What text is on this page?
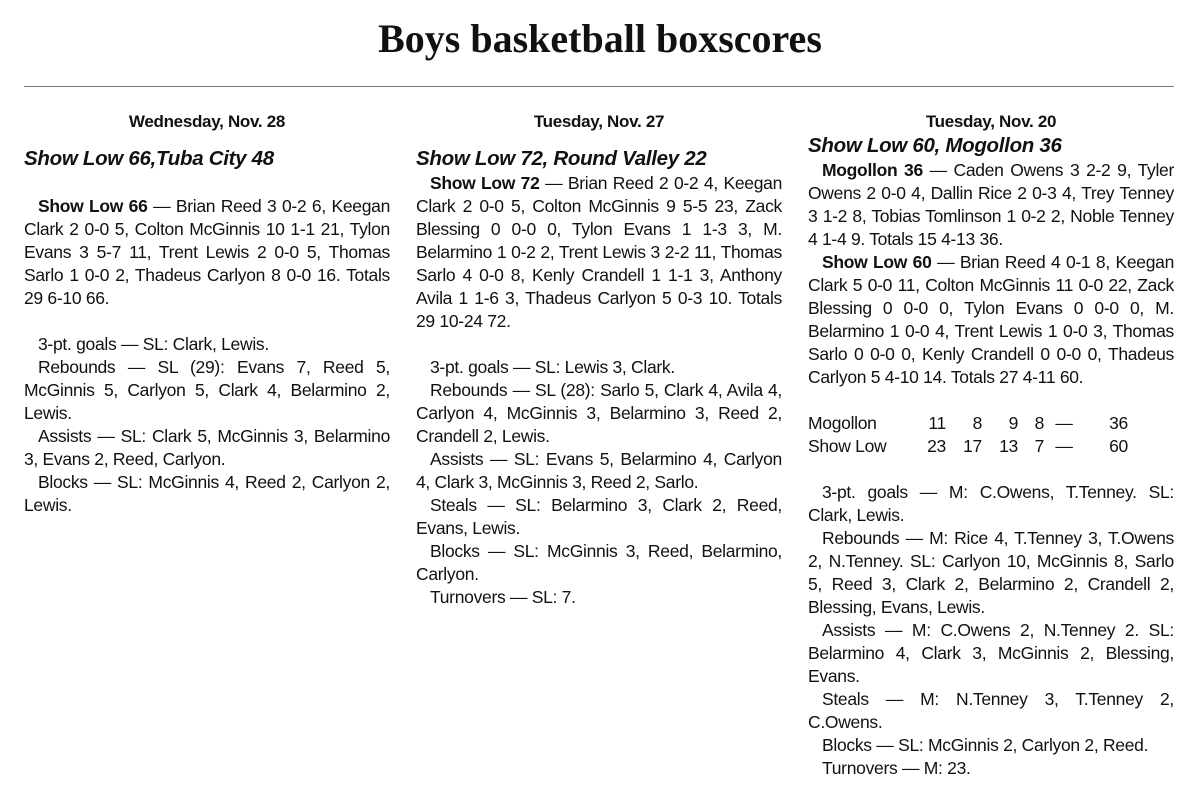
Boys basketball boxscores
Wednesday, Nov. 28
Show Low 66,Tuba City 48

Show Low 66 — Brian Reed 3 0-2 6, Keegan Clark 2 0-0 5, Colton McGinnis 10 1-1 21, Tylon Evans 3 5-7 11, Trent Lewis 2 0-0 5, Thomas Sarlo 1 0-0 2, Thadeus Carlyon 8 0-0 16. Totals 29 6-10 66.

3-pt. goals — SL: Clark, Lewis.

Rebounds — SL (29): Evans 7, Reed 5, McGinnis 5, Carlyon 5, Clark 4, Belarmino 2, Lewis.

Assists — SL: Clark 5, McGinnis 3, Belarmino 3, Evans 2, Reed, Carlyon.

Blocks — SL: McGinnis 4, Reed 2, Carlyon 2, Lewis.

Tuesday, Nov. 27
Show Low 72, Round Valley 22

Show Low 72 — Brian Reed 2 0-2 4, Keegan Clark 2 0-0 5, Colton McGinnis 9 5-5 23, Zack Blessing 0 0-0 0, Tylon Evans 1 1-3 3, M. Belarmino 1 0-2 2, Trent Lewis 3 2-2 11, Thomas Sarlo 4 0-0 8, Kenly Crandell 1 1-1 3, Anthony Avila 1 1-6 3, Thadeus Carlyon 5 0-3 10. Totals 29 10-24 72.

3-pt. goals — SL: Lewis 3, Clark.

Rebounds — SL (28): Sarlo 5, Clark 4, Avila 4, Carlyon 4, McGinnis 3, Belarmino 3, Reed 2, Crandell 2, Lewis.

Assists — SL: Evans 5, Belarmino 4, Carlyon 4, Clark 3, McGinnis 3, Reed 2, Sarlo.

Steals — SL: Belarmino 3, Clark 2, Reed, Evans, Lewis.

Blocks — SL: McGinnis 3, Reed, Belarmino, Carlyon.

Turnovers — SL: 7.

Tuesday, Nov. 20
Show Low 60, Mogollon 36

Mogollon 36 — Caden Owens 3 2-2 9, Tyler Owens 2 0-0 4, Dallin Rice 2 0-3 4, Trey Tenney 3 1-2 8, Tobias Tomlinson 1 0-2 2, Noble Tenney 4 1-4 9. Totals 15 4-13 36.

Show Low 60 — Brian Reed 4 0-1 8, Keegan Clark 5 0-0 11, Colton McGinnis 11 0-0 22, Zack Blessing 0 0-0 0, Tylon Evans 0 0-0 0, M. Belarmino 1 0-0 4, Trent Lewis 1 0-0 3, Thomas Sarlo 0 0-0 0, Kenly Crandell 0 0-0 0, Thadeus Carlyon 5 4-10 14. Totals 27 4-11 60.

Mogollon	11	8	9	8	—	36
Show Low	23	17	13	7	—	60

3-pt. goals — M: C.Owens, T.Tenney. SL: Clark, Lewis.

Rebounds — M: Rice 4, T.Tenney 3, T.Owens 2, N.Tenney. SL: Carlyon 10, McGinnis 8, Sarlo 5, Reed 3, Clark 2, Belarmino 2, Crandell 2, Blessing, Evans, Lewis.

Assists — M: C.Owens 2, N.Tenney 2. SL: Belarmino 4, Clark 3, McGinnis 2, Blessing, Evans.

Steals — M: N.Tenney 3, T.Tenney 2, C.Owens.

Blocks — SL: McGinnis 2, Carlyon 2, Reed.

Turnovers — M: 23.
